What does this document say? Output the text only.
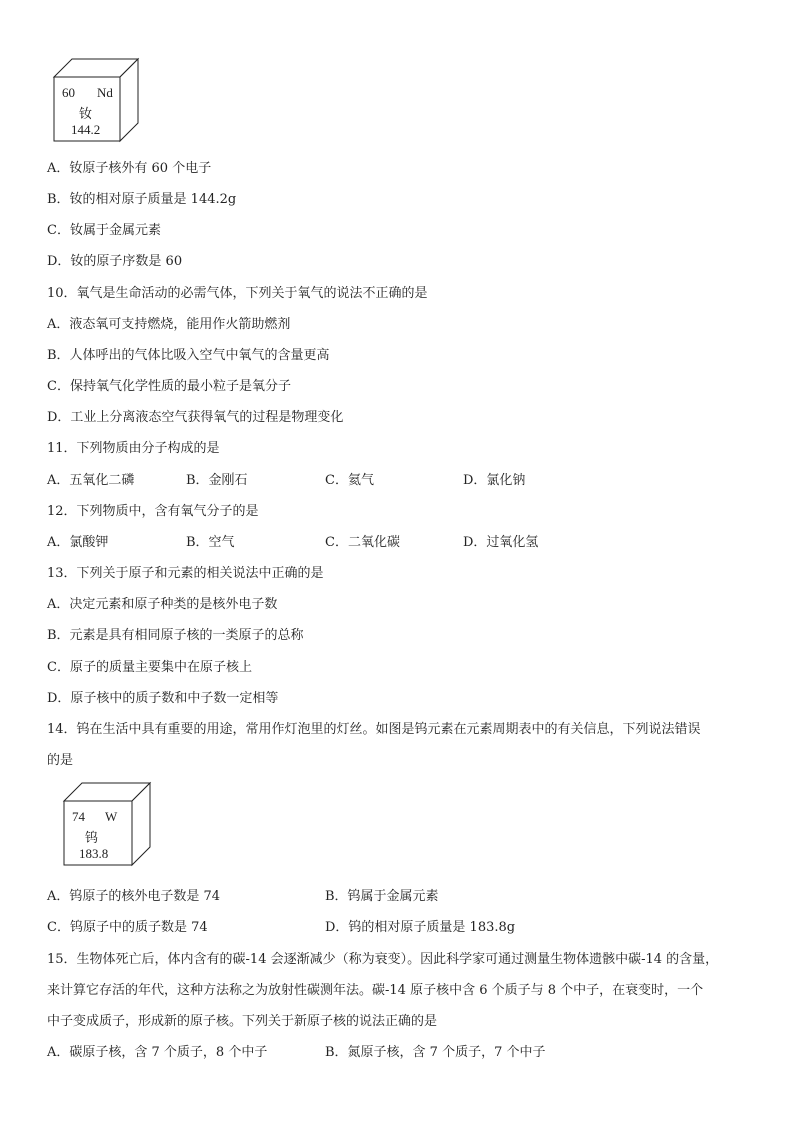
60 Nd
钕
144.2
A．钕原子核外有 60 个电子
B．钕的相对原子质量是 144.2g
C．钕属于金属元素
D．钕的原子序数是 60
10．氧气是生命活动的必需气体，下列关于氧气的说法不正确的是
A．液态氧可支持燃烧，能用作火箭助燃剂
B．人体呼出的气体比吸入空气中氧气的含量更高
C．保持氧气化学性质的最小粒子是氧分子
D．工业上分离液态空气获得氧气的过程是物理变化
11．下列物质由分子构成的是
A．五氧化二磷	B．金刚石	C．氦气	D．氯化钠
12．下列物质中，含有氧气分子的是
A．氯酸钾	B．空气	C．二氧化碳	D．过氧化氢
13．下列关于原子和元素的相关说法中正确的是
A．决定元素和原子种类的是核外电子数
B．元素是具有相同原子核的一类原子的总称
C．原子的质量主要集中在原子核上
D．原子核中的质子数和中子数一定相等
14．钨在生活中具有重要的用途，常用作灯泡里的灯丝。如图是钨元素在元素周期表中的有关信息，下列说法错误
的是
74 W
钨
183.8
A．钨原子的核外电子数是 74	B．钨属于金属元素
C．钨原子中的质子数是 74	D．钨的相对原子质量是 183.8g
15．生物体死亡后，体内含有的碳-14 会逐渐减少（称为衰变）。因此科学家可通过测量生物体遗骸中碳-14 的含量，
来计算它存活的年代，这种方法称之为放射性碳测年法。碳-14 原子核中含 6 个质子与 8 个中子，在衰变时，一个
中子变成质子，形成新的原子核。下列关于新原子核的说法正确的是
A．碳原子核，含 7 个质子，8 个中子	B．氮原子核，含 7 个质子，7 个中子
